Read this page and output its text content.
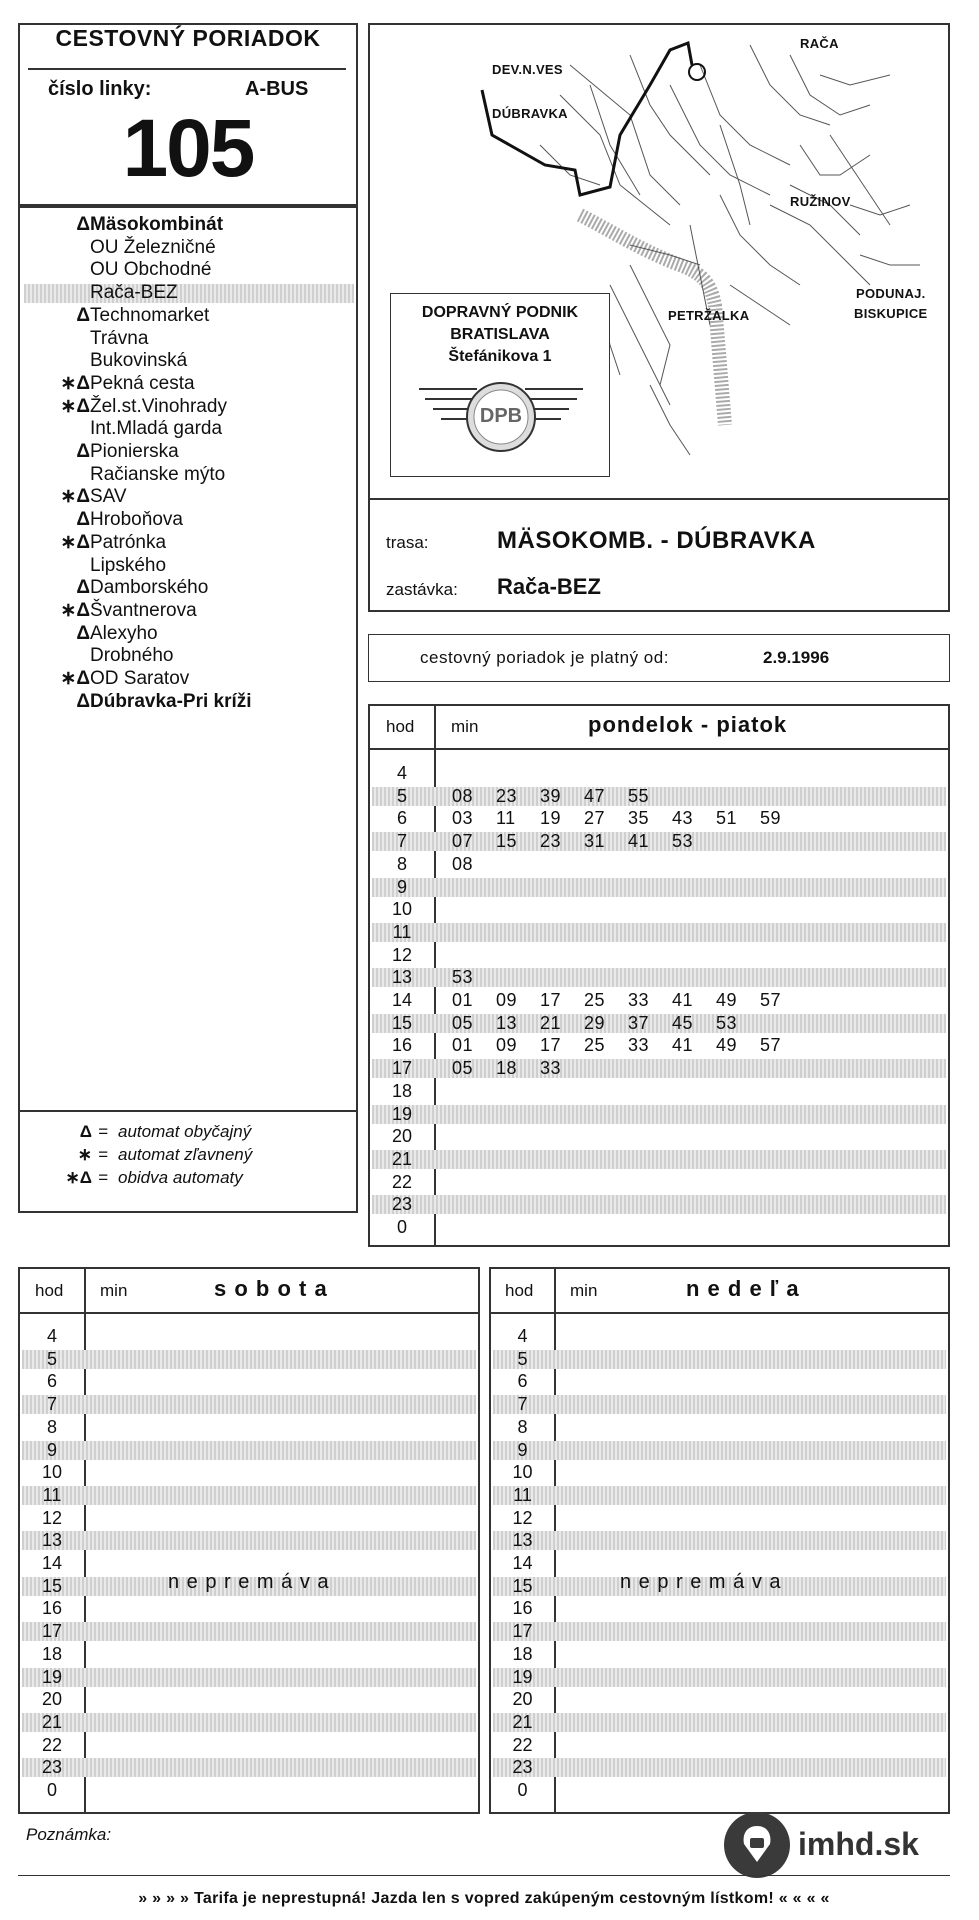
CESTOVNÝ PORIADOK
číslo linky:	A-BUS
105
Δ Mäsokombinát
OU Železničné
OU Obchodné
Rača-BEZ
Δ Technomarket
Trávna
Bukovinská
∗Δ Pekná cesta
∗Δ Žel.st.Vinohrady
Int.Mladá garda
Δ Pionierska
Račianske mýto
∗Δ SAV
Δ Hroboňova
∗Δ Patrónka
Lipského
Δ Damborského
∗Δ Švantnerova
Δ Alexyho
Drobného
∗Δ OD Saratov
Δ Dúbravka-Pri kríži
Δ = automat obyčajný
∗ = automat zľavnený
∗Δ = obidva automaty
DEV.N.VES
DÚBRAVKA
RAČA
RUŽINOV
PETRŽALKA
PODUNAJ.
BISKUPICE
DOPRAVNÝ PODNIK
BRATISLAVA
Štefánikova 1
DPB
trasa:	MÄSOKOMB. - DÚBRAVKA
zastávka: Rača-BEZ
cestovný poriadok je platný od:	2.9.1996
hod min	pondelok - piatok
4
5	08 23 39 47 55
6	03 11 19 27 35 43 51 59
7	07 15 23 31 41 53
8	08
9
10
11
12
13	53
14	01 09 17 25 33 41 49 57
15	05 13 21 29 37 45 53
16	01 09 17 25 33 41 49 57
17	05 18 33
18
19
20
21
22
23
0
hod min	s o b o t a
4
5
6
7
8
9
10
11
12
13
14
15
16
17
18
19
20
21
22
23
0
n e p r e m á v a
hod min	n e d e ľ a
4
5
6
7
8
9
10
11
12
13
14
15
16
17
18
19
20
21
22
23
0
n e p r e m á v a
Poznámka:	imhd.sk
» » » » Tarifa je neprestupná! Jazda len s vopred zakúpeným cestovným lístkom! « « « «
